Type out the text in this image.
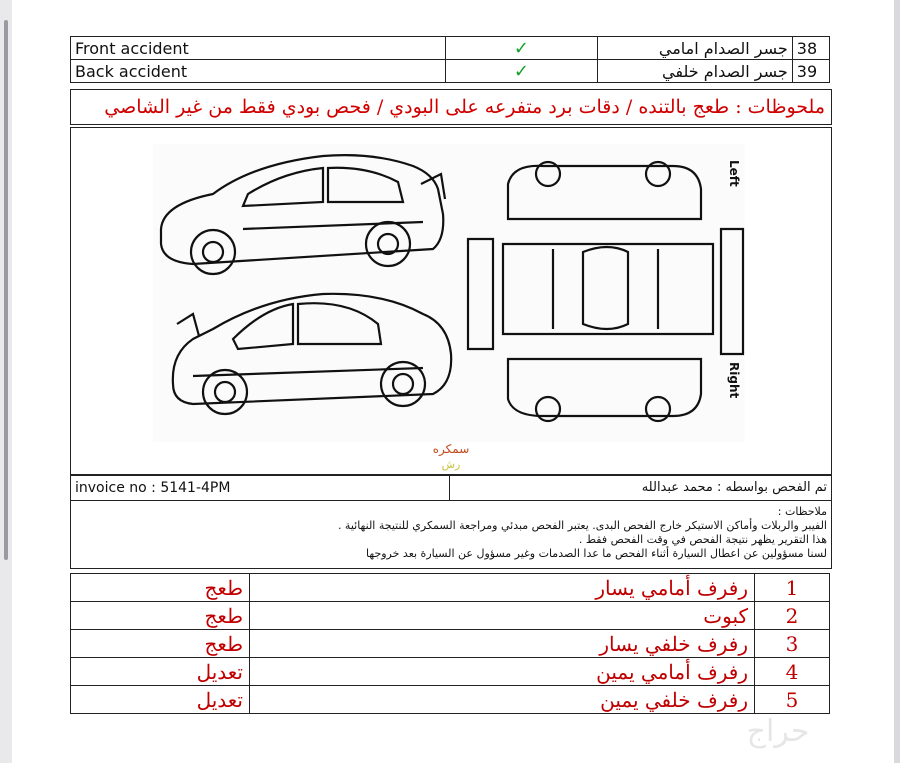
Front accident	✓	جسر الصدام امامي	38
Back accident	✓	جسر الصدام خلفي	39
ملحوظات : طعج بالتنده / دقات برد متفرعه على البودي / فحص بودي فقط من غير الشاصي
Left
Right
سمكره
رش
invoice no : 5141-4PM	تم الفحص بواسطه : محمد عبدالله
ملاحظات :
الفيبر والربلات وأماكن الاستيكر خارج الفحص البدى. يعتبر الفحص مبدئي ومراجعة السمكري للنتيجة النهائية .
هذا التقرير يظهر نتيجة الفحص في وقت الفحص فقط .
لسنا مسؤولين عن اعطال السيارة أثناء الفحص ما عدا الصدمات وغير مسؤول عن السيارة بعد خروجها
طعج	رفرف أمامي يسار	1
طعج	كبوت	2
طعج	رفرف خلفي يسار	3
تعديل	رفرف أمامي يمين	4
تعديل	رفرف خلفي يمين	5
حراج
